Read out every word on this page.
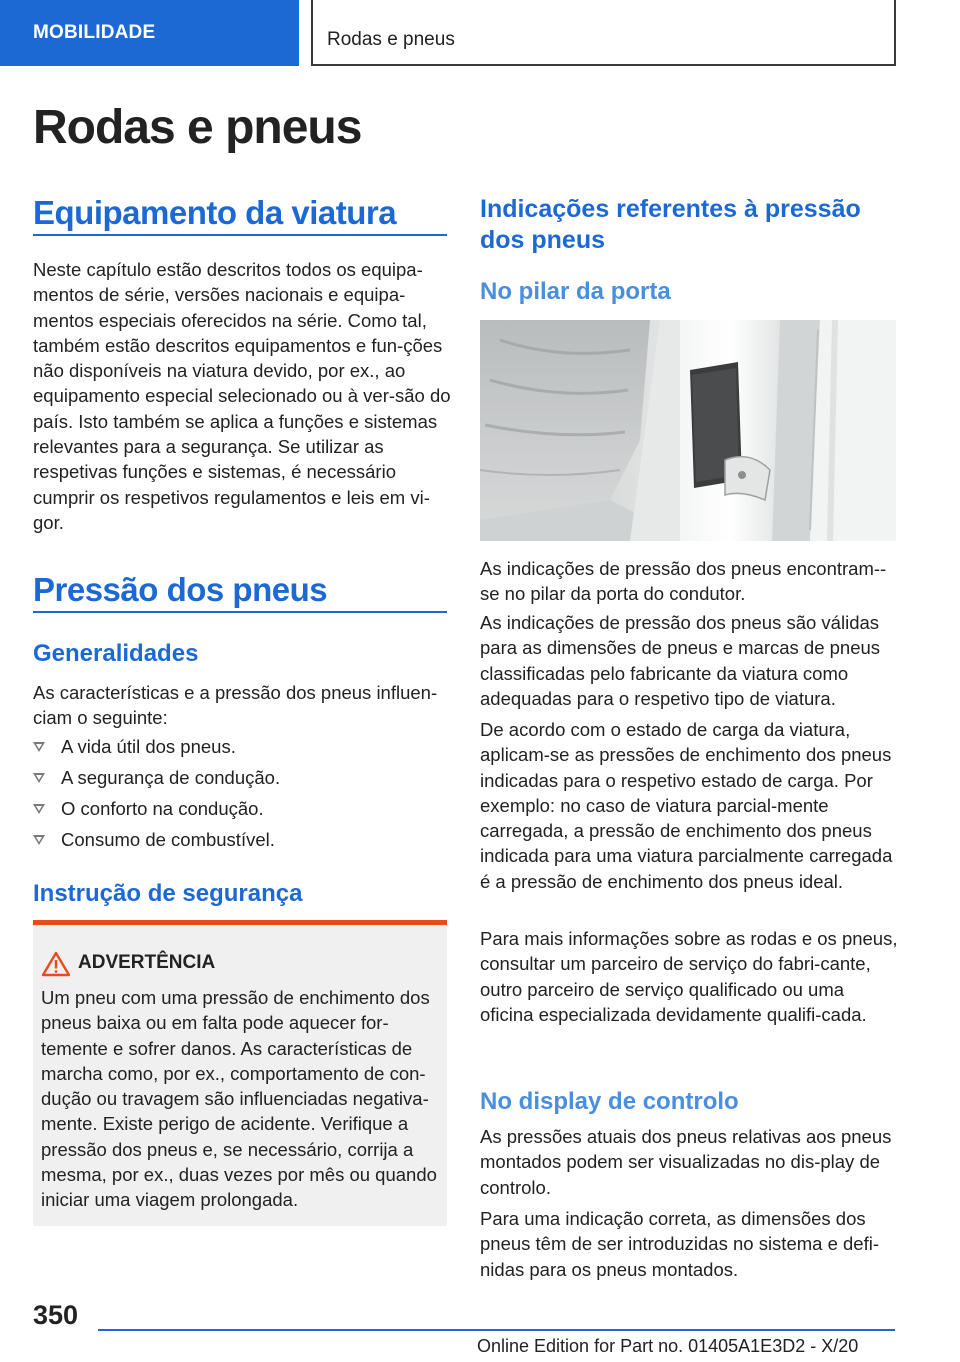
MOBILIDADE	Rodas e pneus
Rodas e pneus
Equipamento da viatura
Neste capítulo estão descritos todos os equipa‐mentos de série, versões nacionais e equipa‐mentos especiais oferecidos na série. Como tal, também estão descritos equipamentos e fun‐ções não disponíveis na viatura devido, por ex., ao equipamento especial selecionado ou à ver‐são do país. Isto também se aplica a funções e sistemas relevantes para a segurança. Se utilizar as respetivas funções e sistemas, é necessário cumprir os respetivos regulamentos e leis em vi‐gor.
Pressão dos pneus
Generalidades
As características e a pressão dos pneus influen‐ciam o seguinte:
A vida útil dos pneus.
A segurança de condução.
O conforto na condução.
Consumo de combustível.
Instrução de segurança
ADVERTÊNCIA
Um pneu com uma pressão de enchimento dos pneus baixa ou em falta pode aquecer for‐temente e sofrer danos. As características de marcha como, por ex., comportamento de con‐dução ou travagem são influenciadas negativa‐mente. Existe perigo de acidente. Verifique a pressão dos pneus e, se necessário, corrija a mesma, por ex., duas vezes por mês ou quando iniciar uma viagem prolongada.
Indicações referentes à pressão dos pneus
No pilar da porta
As indicações de pressão dos pneus encontram‐-se no pilar da porta do condutor.
As indicações de pressão dos pneus são válidas para as dimensões de pneus e marcas de pneus classificadas pelo fabricante da viatura como adequadas para o respetivo tipo de viatura.
De acordo com o estado de carga da viatura, aplicam-se as pressões de enchimento dos pneus indicadas para o respetivo estado de carga. Por exemplo: no caso de viatura parcial‐mente carregada, a pressão de enchimento dos pneus indicada para uma viatura parcialmente carregada é a pressão de enchimento dos pneus ideal.
Para mais informações sobre as rodas e os pneus, consultar um parceiro de serviço do fabri‐cante, outro parceiro de serviço qualificado ou uma oficina especializada devidamente qualifi‐cada.
No display de controlo
As pressões atuais dos pneus relativas aos pneus montados podem ser visualizadas no dis‐play de controlo.
Para uma indicação correta, as dimensões dos pneus têm de ser introduzidas no sistema e defi‐nidas para os pneus montados.
350
Online Edition for Part no. 01405A1E3D2 - X/20
